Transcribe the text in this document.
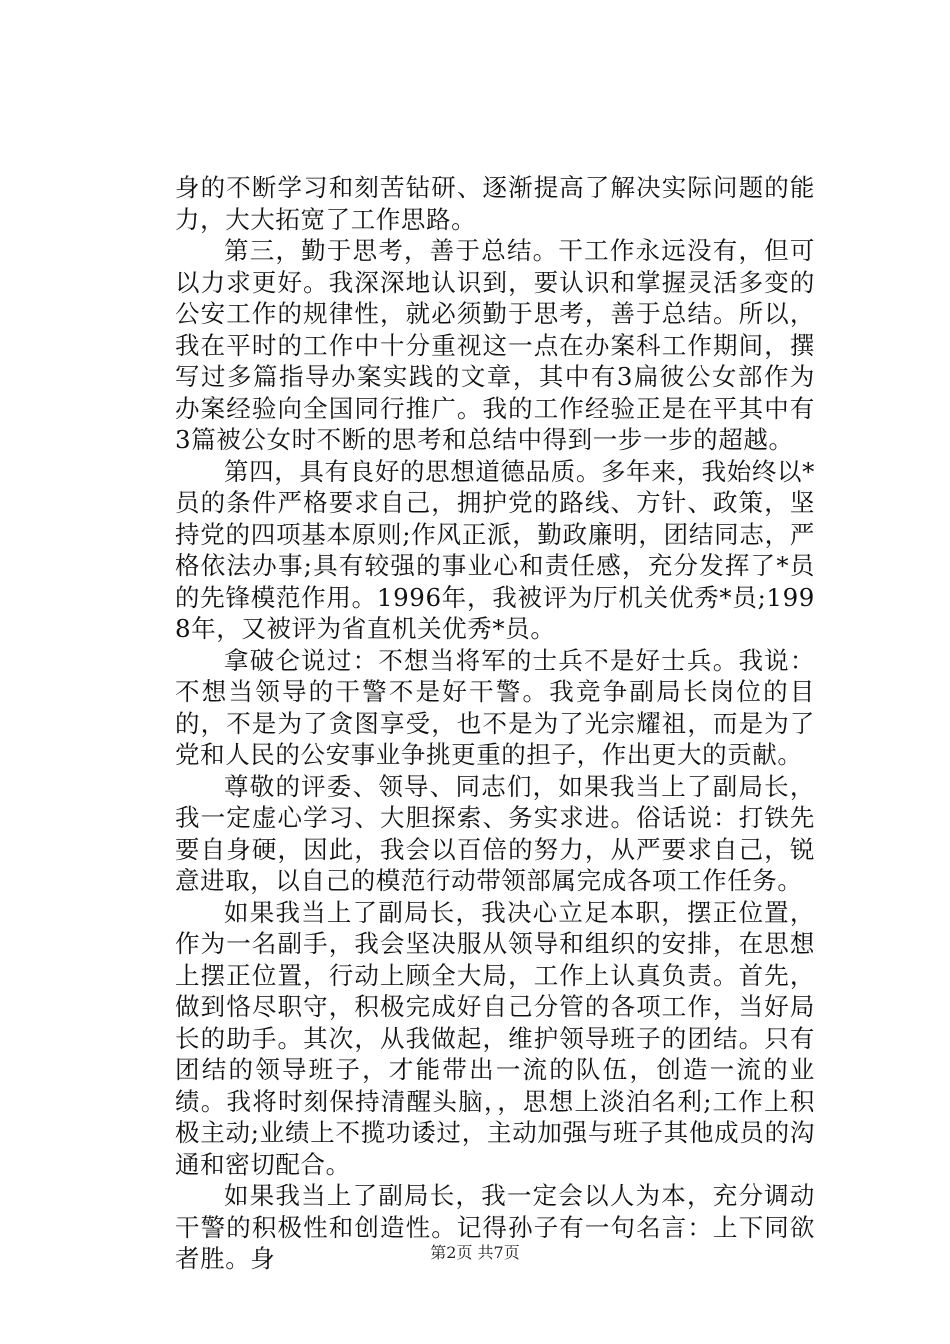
身的不断学习和刻苦钻研、逐渐提高了解决实际问题的能力，大大拓宽了工作思路。

第三，勤于思考，善于总结。干工作永远没有，但可以力求更好。我深深地认识到，要认识和掌握灵活多变的公安工作的规律性，就必须勤于思考，善于总结。所以，我在平时的工作中十分重视这一点在办案科工作期间，撰写过多篇指导办案实践的文章，其中有3扁彼公女部作为办案经验向全国同行推广。我的工作经验正是在平其中有3篇被公女时不断的思考和总结中得到一步一步的超越。

第四，具有良好的思想道德品质。多年来，我始终以*员的条件严格要求自己，拥护党的路线、方针、政策，坚持党的四项基本原则;作风正派，勤政廉明，团结同志，严格依法办事;具有较强的事业心和责任感，充分发挥了*员的先锋模范作用。1996年，我被评为厅机关优秀*员;1998年，又被评为省直机关优秀*员。

拿破仑说过：不想当将军的士兵不是好士兵。我说：不想当领导的干警不是好干警。我竞争副局长岗位的目的，不是为了贪图享受，也不是为了光宗耀祖，而是为了党和人民的公安事业争挑更重的担子，作出更大的贡献。

尊敬的评委、领导、同志们，如果我当上了副局长，我一定虚心学习、大胆探索、务实求进。俗话说：打铁先要自身硬，因此，我会以百倍的努力，从严要求自己，锐意进取，以自己的模范行动带领部属完成各项工作任务。

如果我当上了副局长，我决心立足本职，摆正位置，作为一名副手，我会坚决服从领导和组织的安排，在思想上摆正位置，行动上顾全大局，工作上认真负责。首先，做到恪尽职守，积极完成好自己分管的各项工作，当好局长的助手。其次，从我做起，维护领导班子的团结。只有团结的领导班子，才能带出一流的队伍，创造一流的业绩。我将时刻保持清醒头脑，，思想上淡泊名利;工作上积极主动;业绩上不揽功诿过，主动加强与班子其他成员的沟通和密切配合。

如果我当上了副局长，我一定会以人为本，充分调动干警的积极性和创造性。记得孙子有一句名言：上下同欲者胜。身	第2页 共7页
